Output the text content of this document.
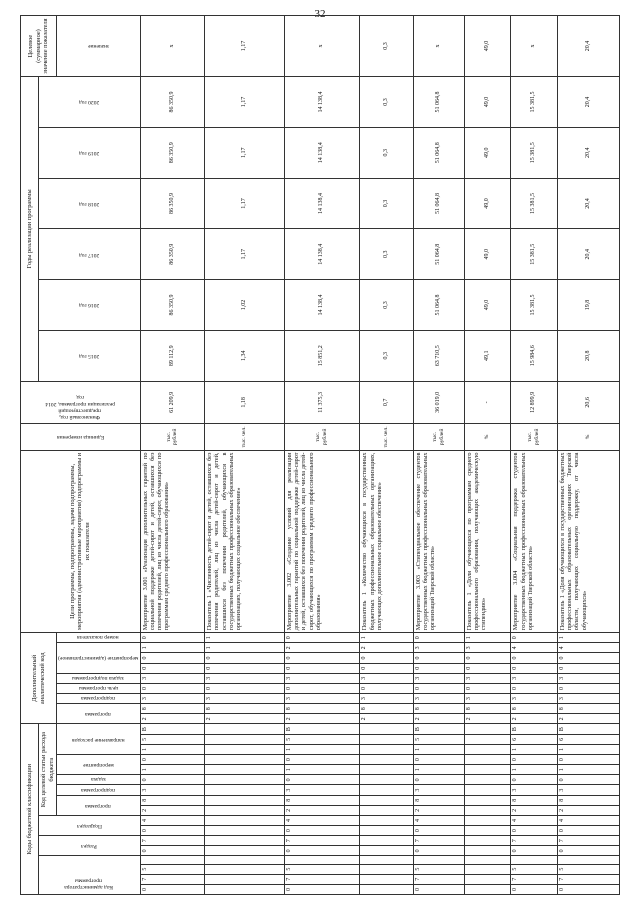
32
Коды бюджетной классификации																	Дополнительный аналитический код									Цели программы, подпрограммы, задачи подпрограммы, мероприятия (административные мероприятия) подпрограммы и их показатели	Единица измерения	Финансовый год, предшествующий реализации программы, 2014 год	Годы реализации программы						Целевое (суммарное) значение показателя

Код администратора программы				Раздел		Подраздел		Код целевой статьи расхода бюджета																					2015 год	2016 год	2017 год	2018 год	2019 год	2020 год	

								программа		подпрограмма	задача	мероприятие		направление расходов			программа		подпрограмма	цель программы	задача подпрограммы	мероприятие (административное)			номер показателя										значение

0	7	5		0	7	0	4	2	8	3	0	1	0	1	5	В	2	8	3	0	3	0	0	1	0	Мероприятие 3.001 «Реализация дополнительных гарантий по социальной поддержке детей-сирот и детей, оставшихся без попечения родителей, лиц из числа детей-сирот, обучающихся по программам среднего профессионального образования»	тыс. рублей	61 209,9	89 112,9	86 350,9	86 350,9	86 350,9	86 350,9	86 350,9	х
																	2	8	3	0	3	0	0	1	1	Показатель 1 «Численность детей-сирот и детей, оставшихся без попечения родителей, лиц из числа детей-сирот и детей, оставшихся без попечения родителей, обучающихся в государственных бюджетных профессиональных образовательных организациях, получающих социальное обеспечение»	тыс. чел.	1,18	1,34	1,02	1,17	1,17	1,17	1,17	1,17
0	7	5		0	7	0	4	2	8	3	0	1	0	1	5	В	2	8	3	0	3	0	0	2	0	Мероприятие 3.002 «Создание условий для реализации дополнительных гарантий по социальной поддержке детей-сирот и детей, оставшихся без попечения родителей, лиц из числа детей-сирот, обучающихся по программам среднего профессионального образования»	тыс. рублей	11 375,3	15 851,2	14 138,4	14 138,4	14 138,4	14 138,4	14 138,4	х
																	2	8	3	0	3	0	0	2	1	Показатель 1 «Количество обучающихся в государственных бюджетных профессиональных образовательных организациях, получающих дополнительное социальное обеспечение»	тыс. чел.	0,7	0,3	0,3	0,3	0,3	0,3	0,3	0,3
0	7	5		0	7	0	4	2	8	3	0	1	0	1	5	В	2	8	3	0	3	0	0	3	0	Мероприятие 3.003 «Стипендиальное обеспечение студентов государственных бюджетных профессиональных образовательных организаций Тверской области»	тыс. рублей	36 019,0	63 710,5	51 064,8	51 064,8	51 064,8	51 064,8	51 064,8	х
																	2	8	3	0	3	0	0	3	1	Показатель 1 «Доля обучающихся по программам среднего профессионального образования, получающих академическую стипендию»	%	-	49,1	49,0	49,0	49,0	49,0	49,0	49,0
0	7	5		0	7	0	4	2	8	3	0	1	0	1	6	В	2	8	3	0	3	0	0	4	0	Мероприятие 3.004 «Социальная поддержка студентов государственных бюджетных профессиональных образовательных организаций Тверской области»	тыс. рублей	12 899,9	15 984,6	15 381,5	15 381,5	15 381,5	15 381,5	15 381,5	х
0	7	5		0	7	0	4	2	8	3	0	1	0	1	6	В	2	8	3	0	3	0	0	4	1	Показатель 1 «Доля обучающихся в государственных бюджетных профессиональных образовательных организациях Тверской области, получающих социальную поддержку, от числа обучающихся»	%	20,6	20,8	19,8	20,4	20,4	20,4	20,4	20,4
